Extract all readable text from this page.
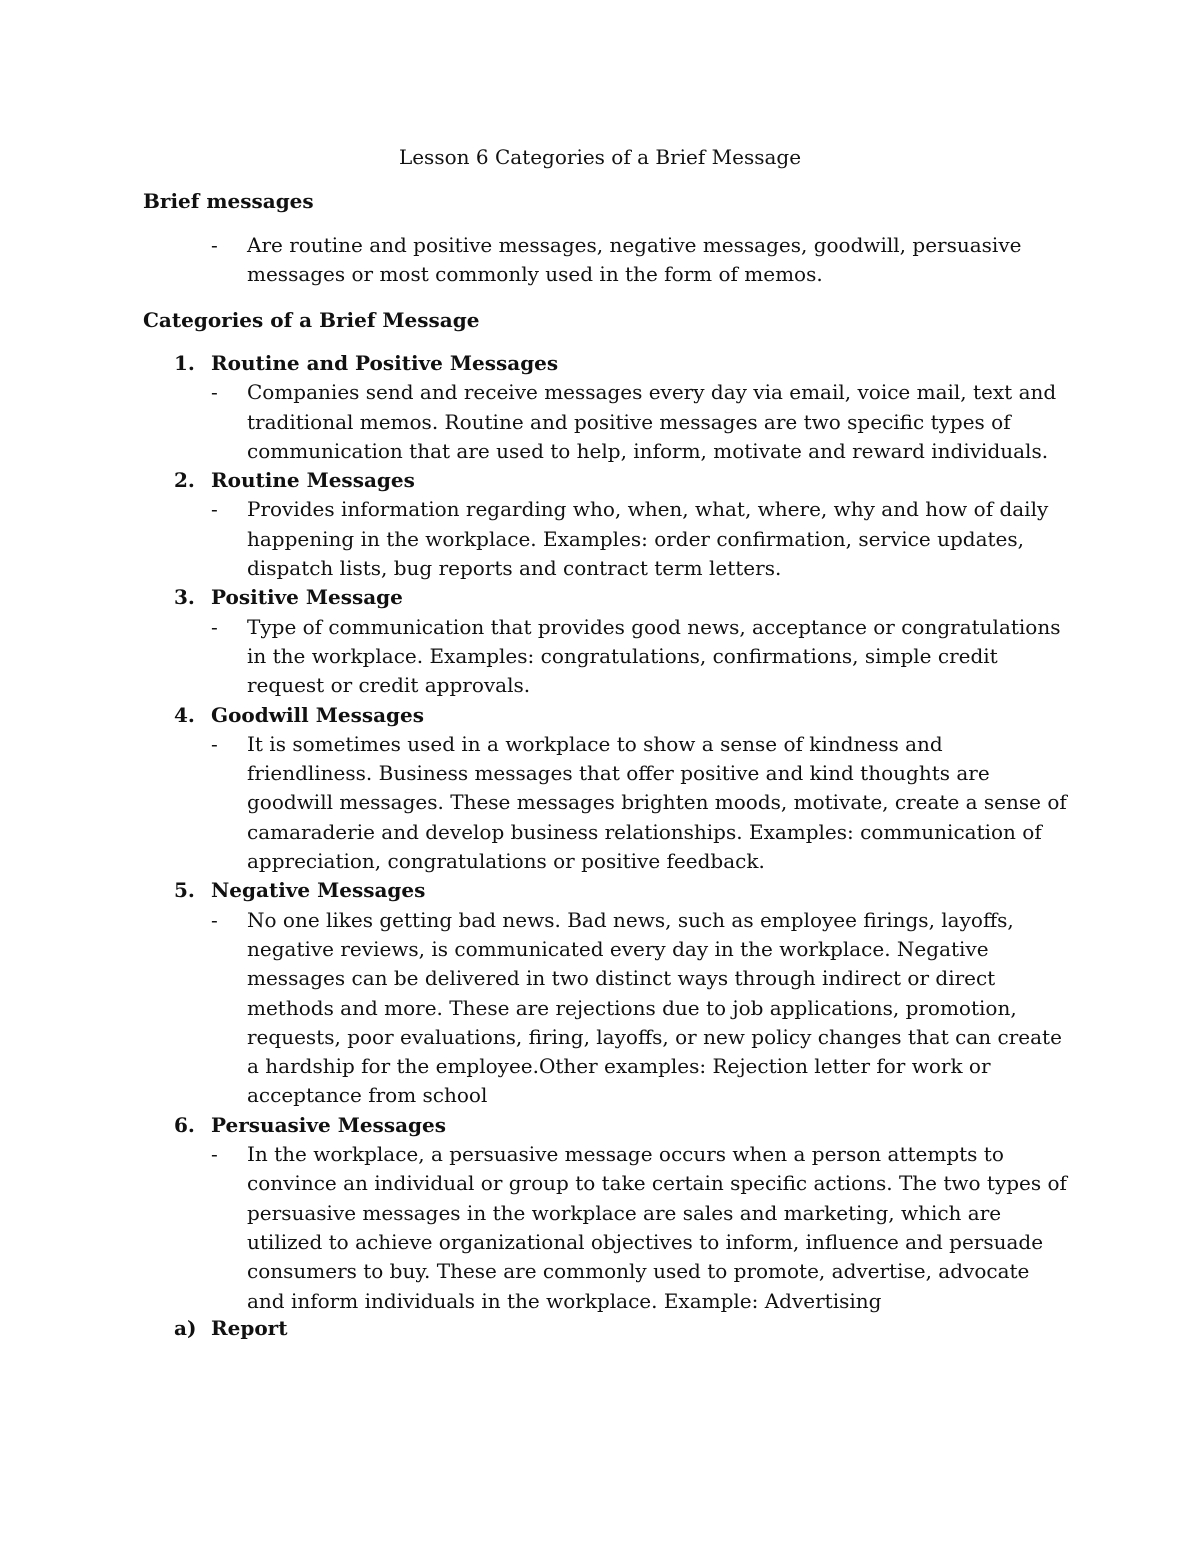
Lesson 6 Categories of a Brief Message
Brief messages
- Are routine and positive messages, negative messages, goodwill, persuasive messages or most commonly used in the form of memos.
Categories of a Brief Message
1. Routine and Positive Messages
- Companies send and receive messages every day via email, voice mail, text and traditional memos. Routine and positive messages are two specific types of communication that are used to help, inform, motivate and reward individuals.
2. Routine Messages
- Provides information regarding who, when, what, where, why and how of daily happening in the workplace. Examples: order confirmation, service updates, dispatch lists, bug reports and contract term letters.
3. Positive Message
- Type of communication that provides good news, acceptance or congratulations in the workplace. Examples: congratulations, confirmations, simple credit request or credit approvals.
4. Goodwill Messages
- It is sometimes used in a workplace to show a sense of kindness and friendliness. Business messages that offer positive and kind thoughts are goodwill messages. These messages brighten moods, motivate, create a sense of camaraderie and develop business relationships. Examples: communication of appreciation, congratulations or positive feedback.
5. Negative Messages
- No one likes getting bad news. Bad news, such as employee firings, layoffs, negative reviews, is communicated every day in the workplace. Negative messages can be delivered in two distinct ways through indirect or direct methods and more. These are rejections due to job applications, promotion, requests, poor evaluations, firing, layoffs, or new policy changes that can create a hardship for the employee.Other examples: Rejection letter for work or acceptance from school
6. Persuasive Messages
- In the workplace, a persuasive message occurs when a person attempts to convince an individual or group to take certain specific actions. The two types of persuasive messages in the workplace are sales and marketing, which are utilized to achieve organizational objectives to inform, influence and persuade consumers to buy. These are commonly used to promote, advertise, advocate and inform individuals in the workplace. Example: Advertising
a) Report
